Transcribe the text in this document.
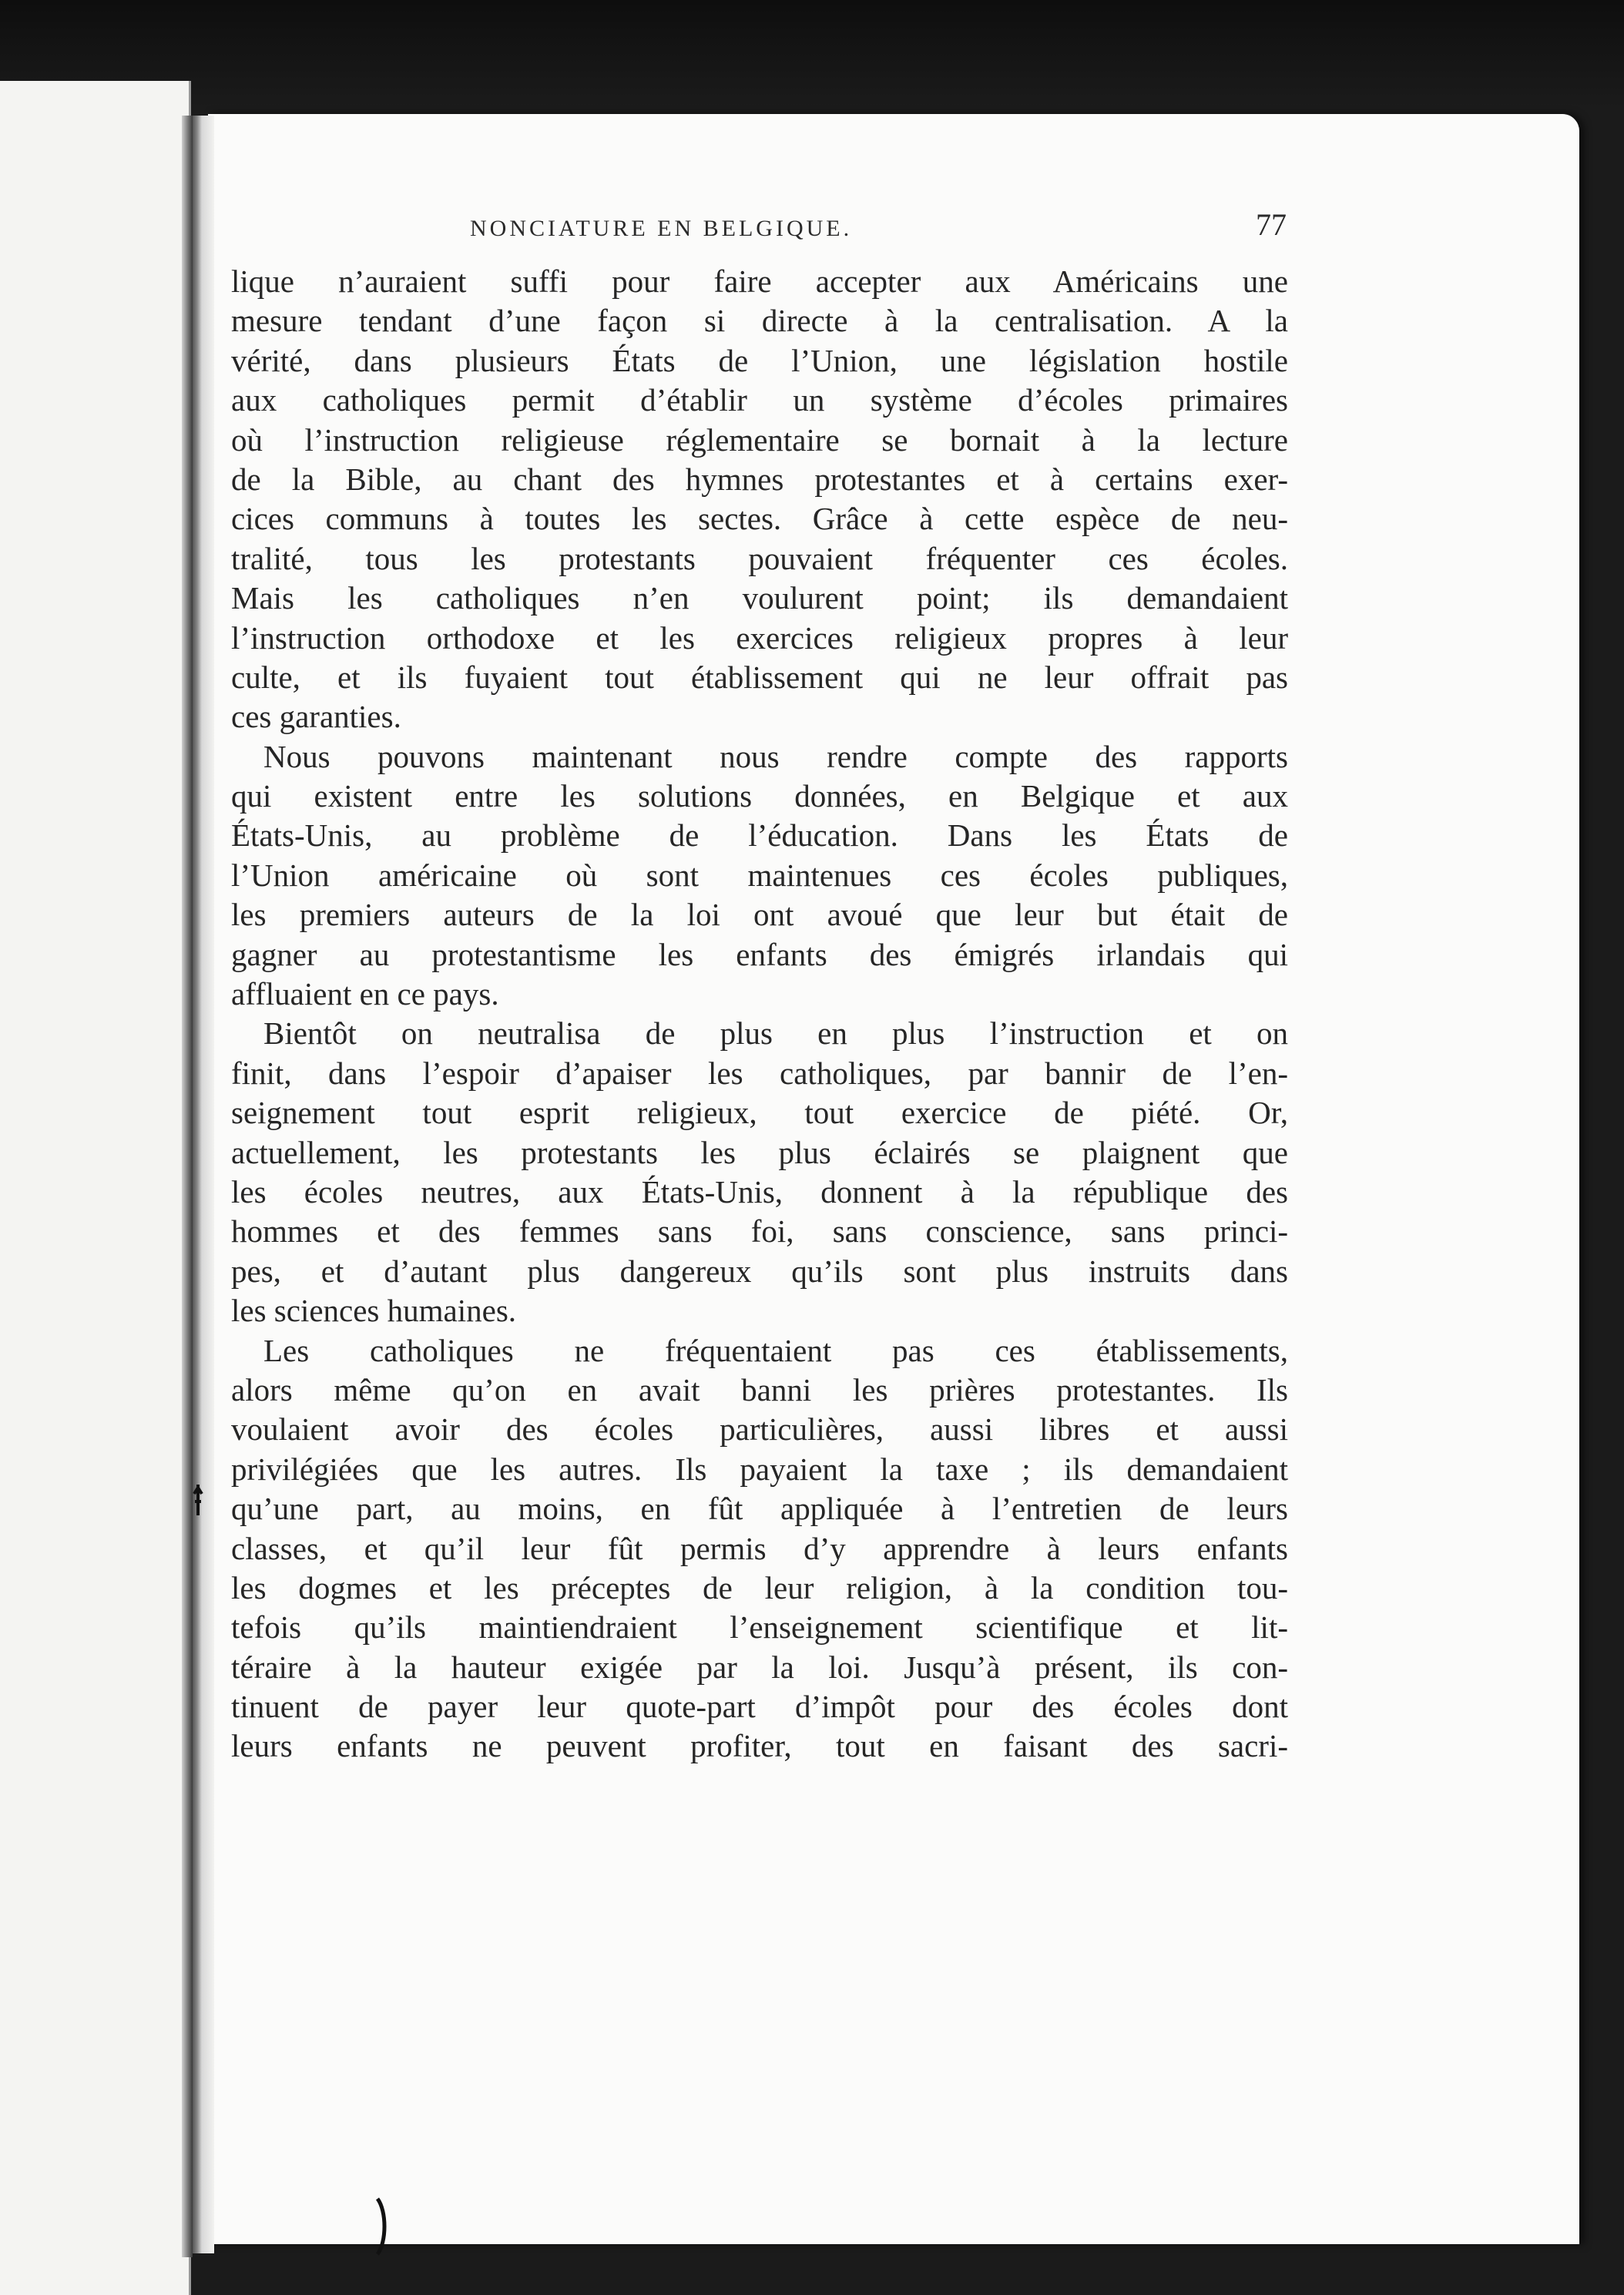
NONCIATURE EN BELGIQUE.	77
lique n’auraient suffi pour faire accepter aux Américains une
mesure tendant d’une façon si directe à la centralisation. A la
vérité, dans plusieurs États de l’Union, une législation hostile
aux catholiques permit d’établir un système d’écoles primaires
où l’instruction religieuse réglementaire se bornait à la lecture
de la Bible, au chant des hymnes protestantes et à certains exer-
cices communs à toutes les sectes. Grâce à cette espèce de neu-
tralité, tous les protestants pouvaient fréquenter ces écoles.
Mais les catholiques n’en voulurent point; ils demandaient
l’instruction orthodoxe et les exercices religieux propres à leur
culte, et ils fuyaient tout établissement qui ne leur offrait pas
ces garanties.
Nous pouvons maintenant nous rendre compte des rapports
qui existent entre les solutions données, en Belgique et aux
États-Unis, au problème de l’éducation. Dans les États de
l’Union américaine où sont maintenues ces écoles publiques,
les premiers auteurs de la loi ont avoué que leur but était de
gagner au protestantisme les enfants des émigrés irlandais qui
affluaient en ce pays.
Bientôt on neutralisa de plus en plus l’instruction et on
finit, dans l’espoir d’apaiser les catholiques, par bannir de l’en-
seignement tout esprit religieux, tout exercice de piété. Or,
actuellement, les protestants les plus éclairés se plaignent que
les écoles neutres, aux États-Unis, donnent à la république des
hommes et des femmes sans foi, sans conscience, sans princi-
pes, et d’autant plus dangereux qu’ils sont plus instruits dans
les sciences humaines.
Les catholiques ne fréquentaient pas ces établissements,
alors même qu’on en avait banni les prières protestantes. Ils
voulaient avoir des écoles particulières, aussi libres et aussi
privilégiées que les autres. Ils payaient la taxe ; ils demandaient
qu’une part, au moins, en fût appliquée à l’entretien de leurs
classes, et qu’il leur fût permis d’y apprendre à leurs enfants
les dogmes et les préceptes de leur religion, à la condition tou-
tefois qu’ils maintiendraient l’enseignement scientifique et lit-
téraire à la hauteur exigée par la loi. Jusqu’à présent, ils con-
tinuent de payer leur quote-part d’impôt pour des écoles dont
leurs enfants ne peuvent profiter, tout en faisant des sacri-
